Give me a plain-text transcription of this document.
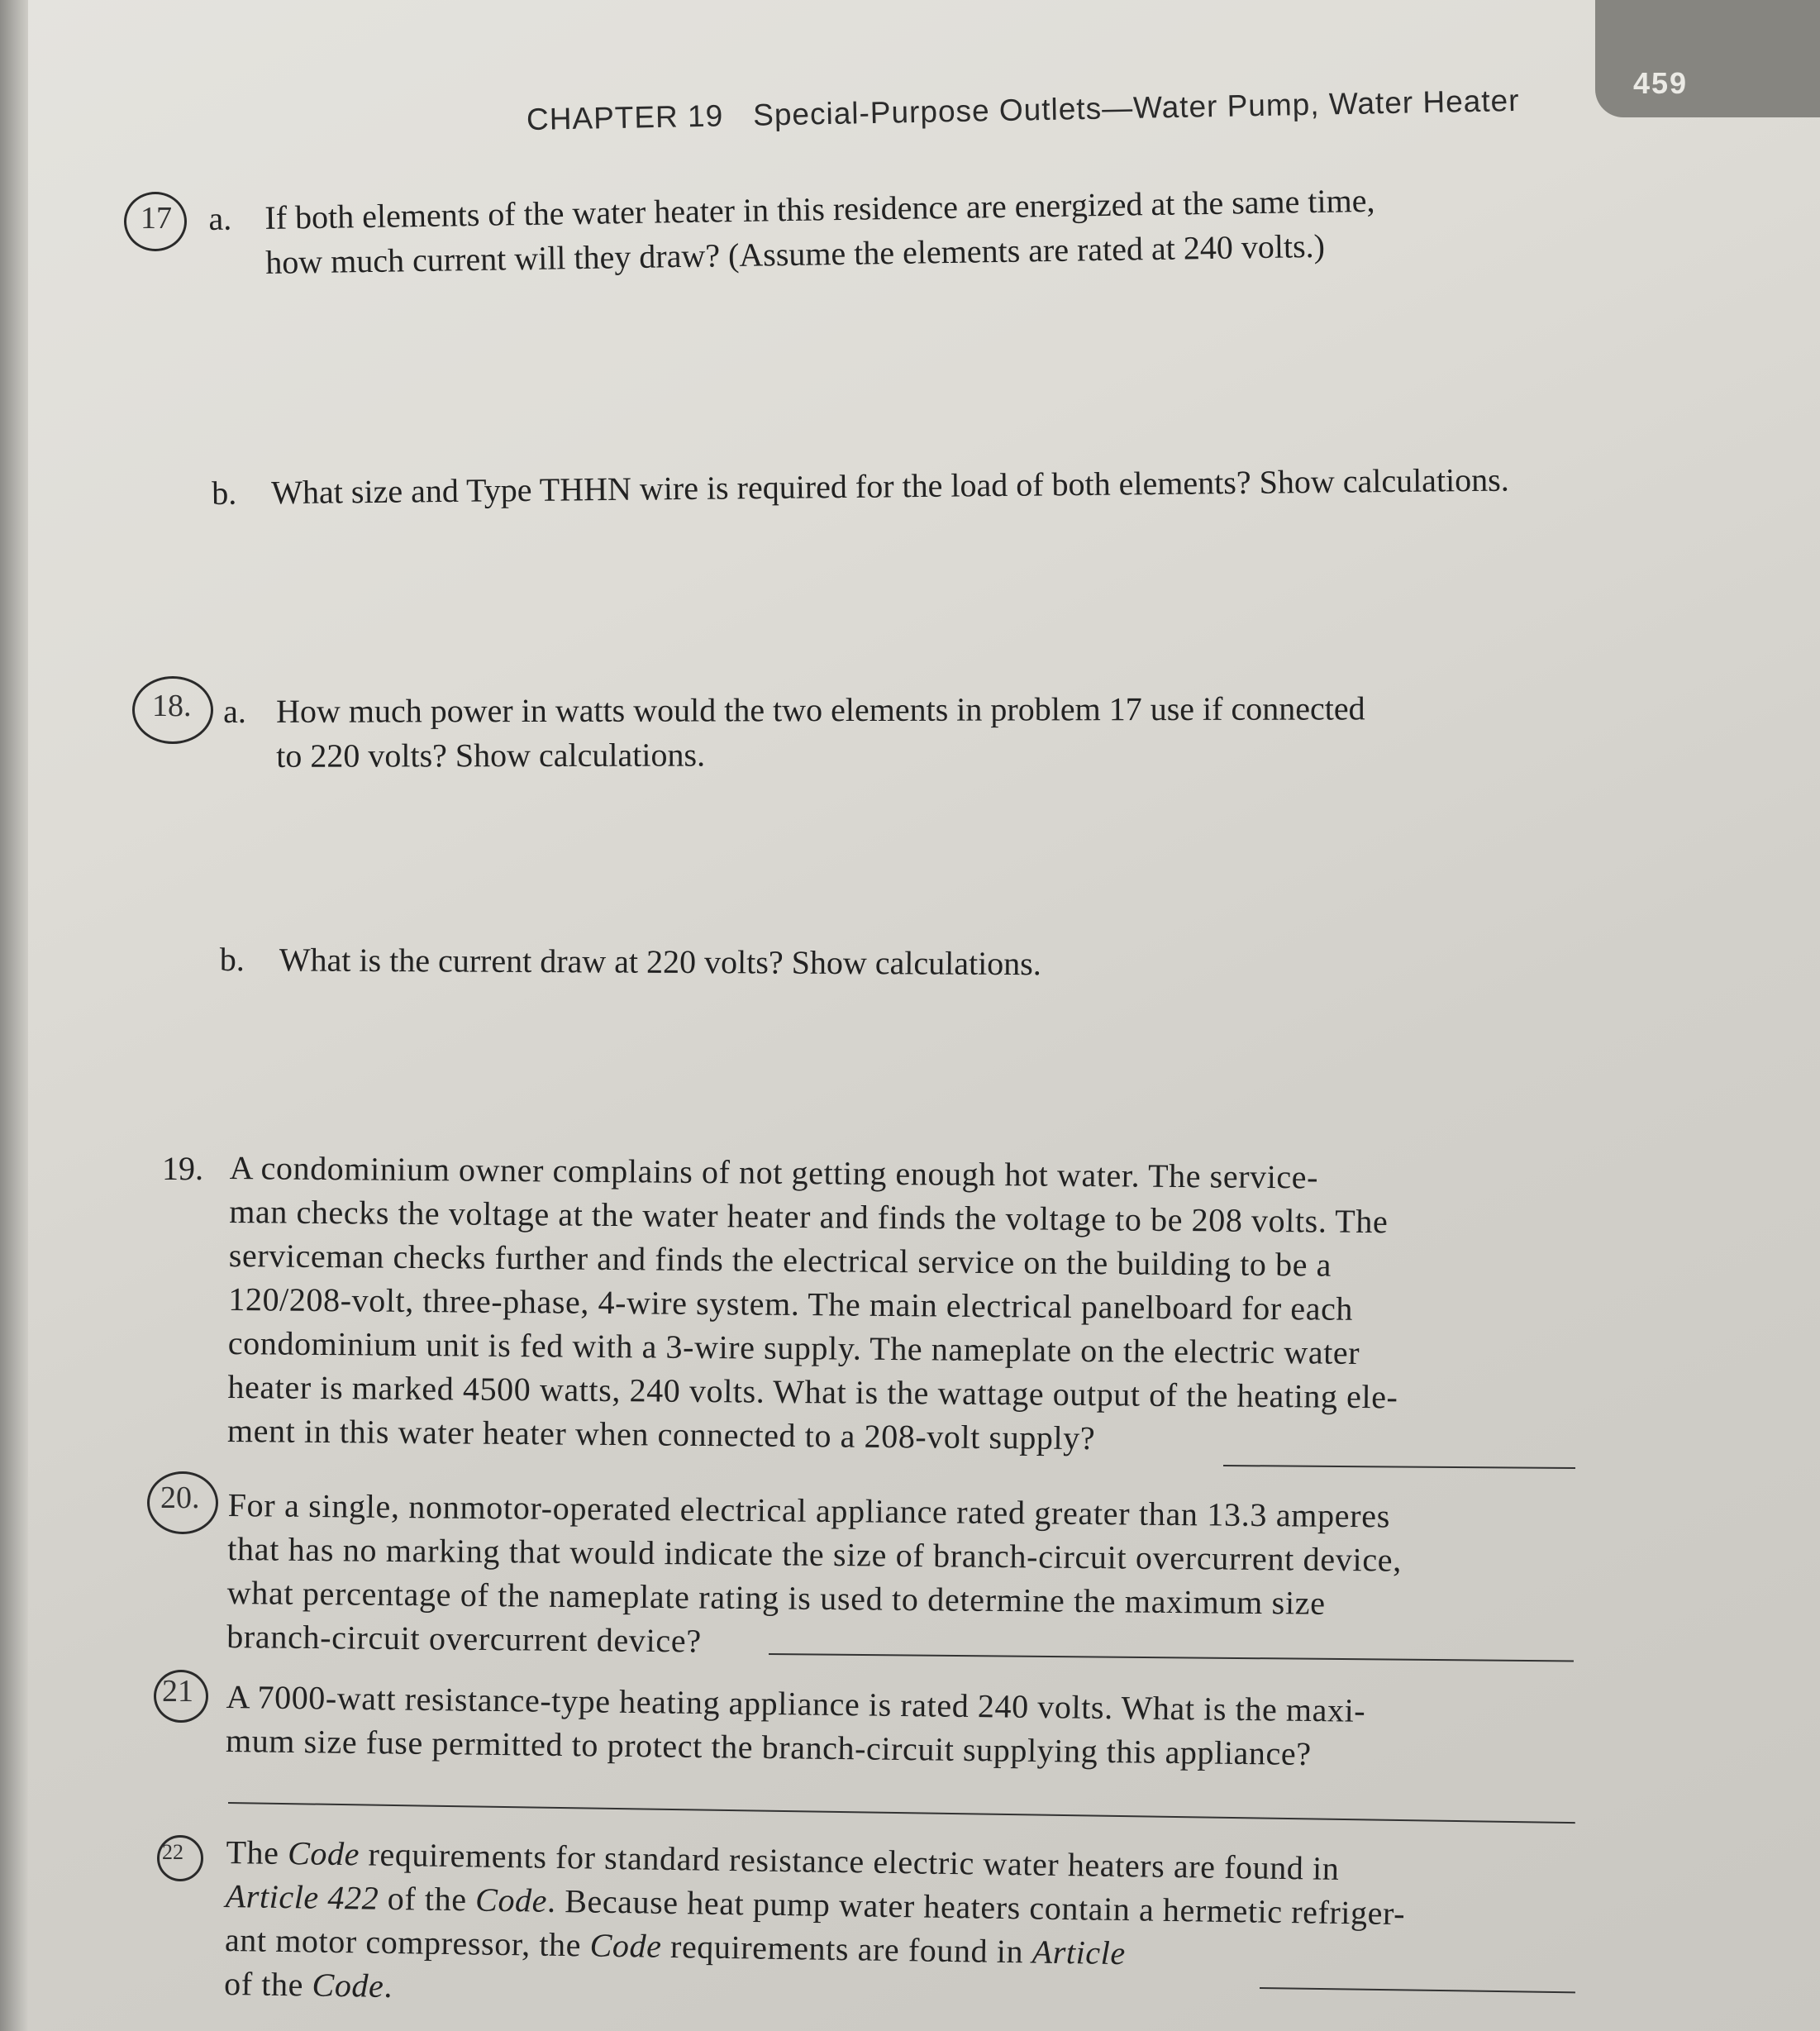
459
CHAPTER 19 Special-Purpose Outlets—Water Pump, Water Heater
17 a. If both elements of the water heater in this residence are energized at the same time,
how much current will they draw? (Assume the elements are rated at 240 volts.)
b. What size and Type THHN wire is required for the load of both elements? Show calculations.
18. a. How much power in watts would the two elements in problem 17 use if connected
to 220 volts? Show calculations.
b. What is the current draw at 220 volts? Show calculations.
19. A condominium owner complains of not getting enough hot water. The service-
man checks the voltage at the water heater and finds the voltage to be 208 volts. The
serviceman checks further and finds the electrical service on the building to be a
120/208-volt, three-phase, 4-wire system. The main electrical panelboard for each
condominium unit is fed with a 3-wire supply. The nameplate on the electric water
heater is marked 4500 watts, 240 volts. What is the wattage output of the heating ele-
ment in this water heater when connected to a 208-volt supply?
20. For a single, nonmotor-operated electrical appliance rated greater than 13.3 amperes
that has no marking that would indicate the size of branch-circuit overcurrent device,
what percentage of the nameplate rating is used to determine the maximum size
branch-circuit overcurrent device?
21 A 7000-watt resistance-type heating appliance is rated 240 volts. What is the maxi-
mum size fuse permitted to protect the branch-circuit supplying this appliance?
22 The Code requirements for standard resistance electric water heaters are found in
Article 422 of the Code. Because heat pump water heaters contain a hermetic refriger-
ant motor compressor, the Code requirements are found in Article
of the Code.
